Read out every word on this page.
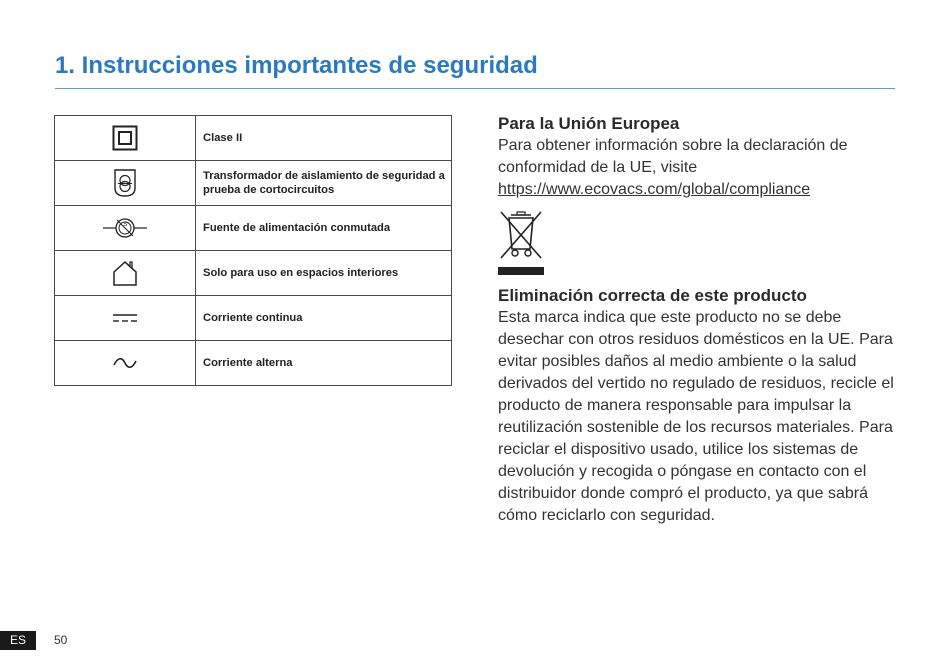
1. Instrucciones importantes de seguridad
	Clase II

	Transformador de aislamiento de seguridad a prueba de cortocircuitos

S	Fuente de alimentación conmutada

	Solo para uso en espacios interiores

	Corriente continua

	Corriente alterna
Para la Unión Europea

Para obtener información sobre la declaración de conformidad de la UE, visite

https://www.ecovacs.com/global/compliance
Eliminación correcta de este producto

Esta marca indica que este producto no se debe desechar con otros residuos domésticos en la UE. Para evitar posibles daños al medio ambiente o la salud derivados del vertido no regulado de residuos, recicle el producto de manera responsable para impulsar la reutilización sostenible de los recursos materiales. Para reciclar el dispositivo usado, utilice los sistemas de devolución y recogida o póngase en contacto con el distribuidor donde compró el producto, ya que sabrá cómo reciclarlo con seguridad.

ES	50
